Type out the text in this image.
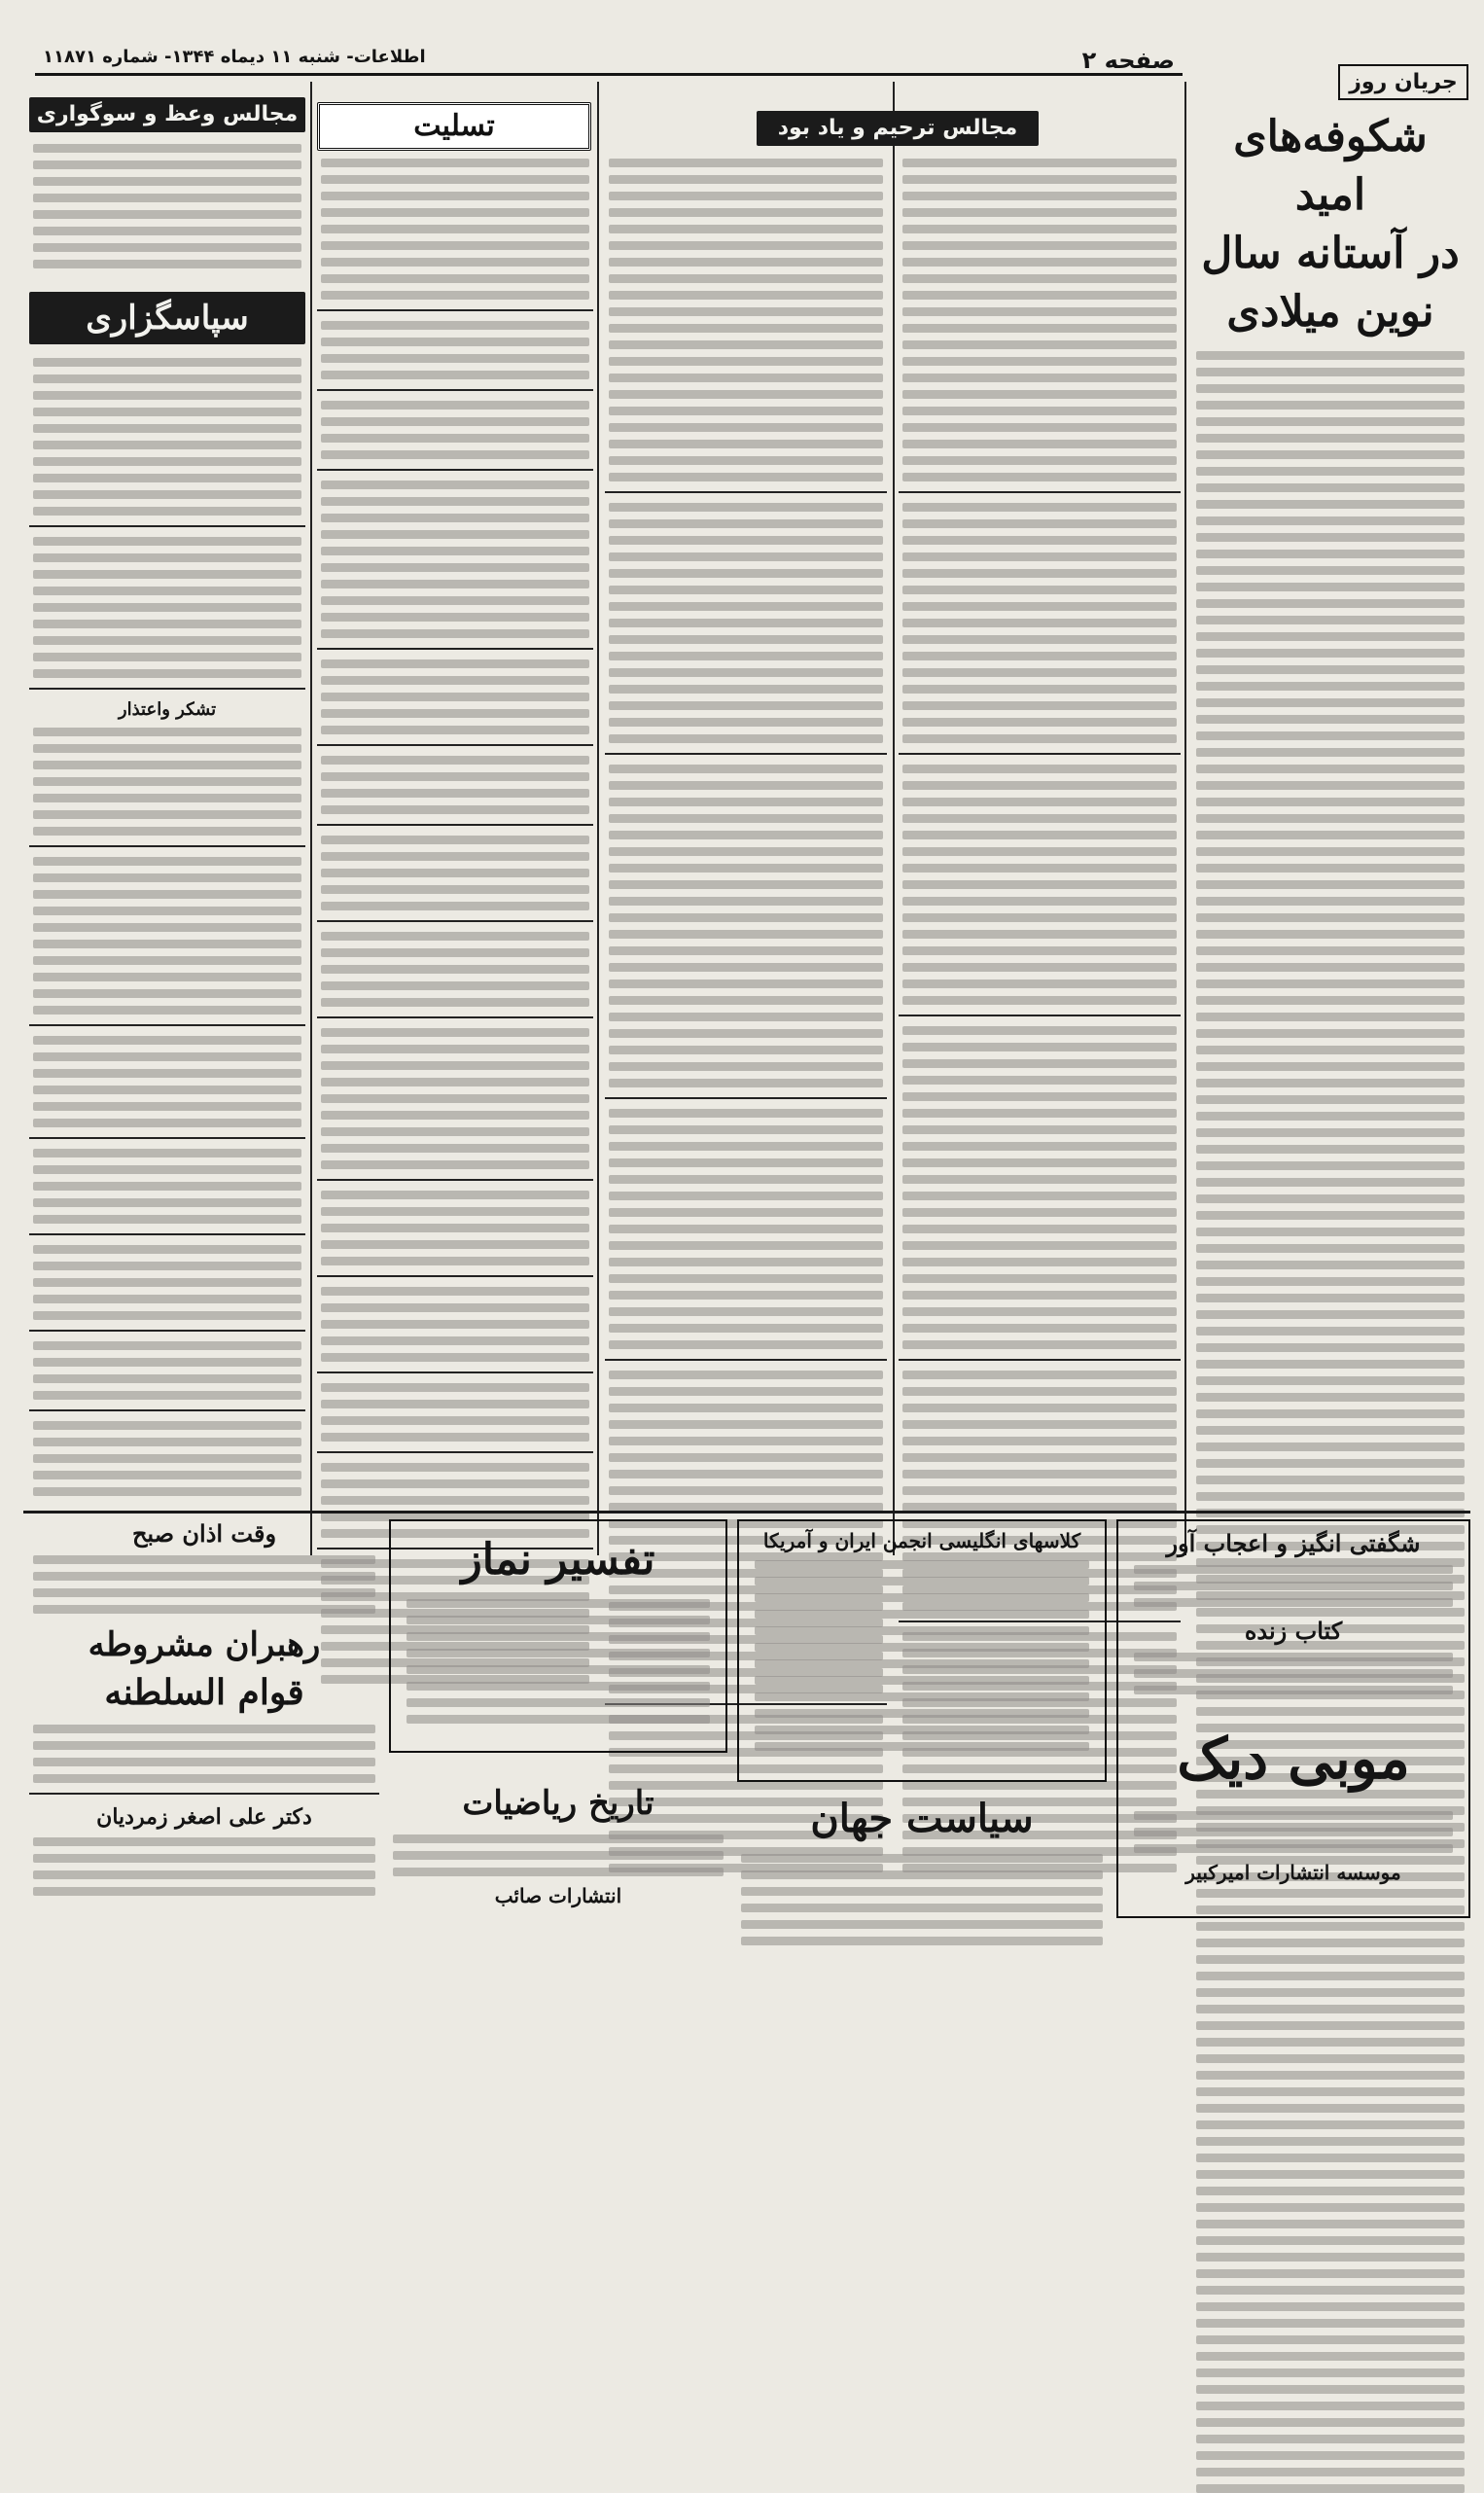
صفحه ۲
اطلاعات- شنبه ۱۱ دیماه ۱۳۴۴- شماره ۱۱۸۷۱
جریان روز
شکوفه‌های امید
در آستانه سال
نوین میلادی
مجالس ترحیم و یاد بود
تسلیت
مجالس وعظ و سوگواری
سپاسگزاری
تشکر واعتذار
شگفتی انگیز و اعجاب آور
کتاب زنده
موبی دیک
موسسه انتشارات امیرکبیر
کلاسهای انگلیسی انجمن ایران و آمریکا
سیاست جهان
تفسیر نماز
تاریخ ریاضیات
انتشارات صائب
وقت اذان صبح
رهبران مشروطه
قوام السلطنه
دکتر علی اصغر زمردیان
